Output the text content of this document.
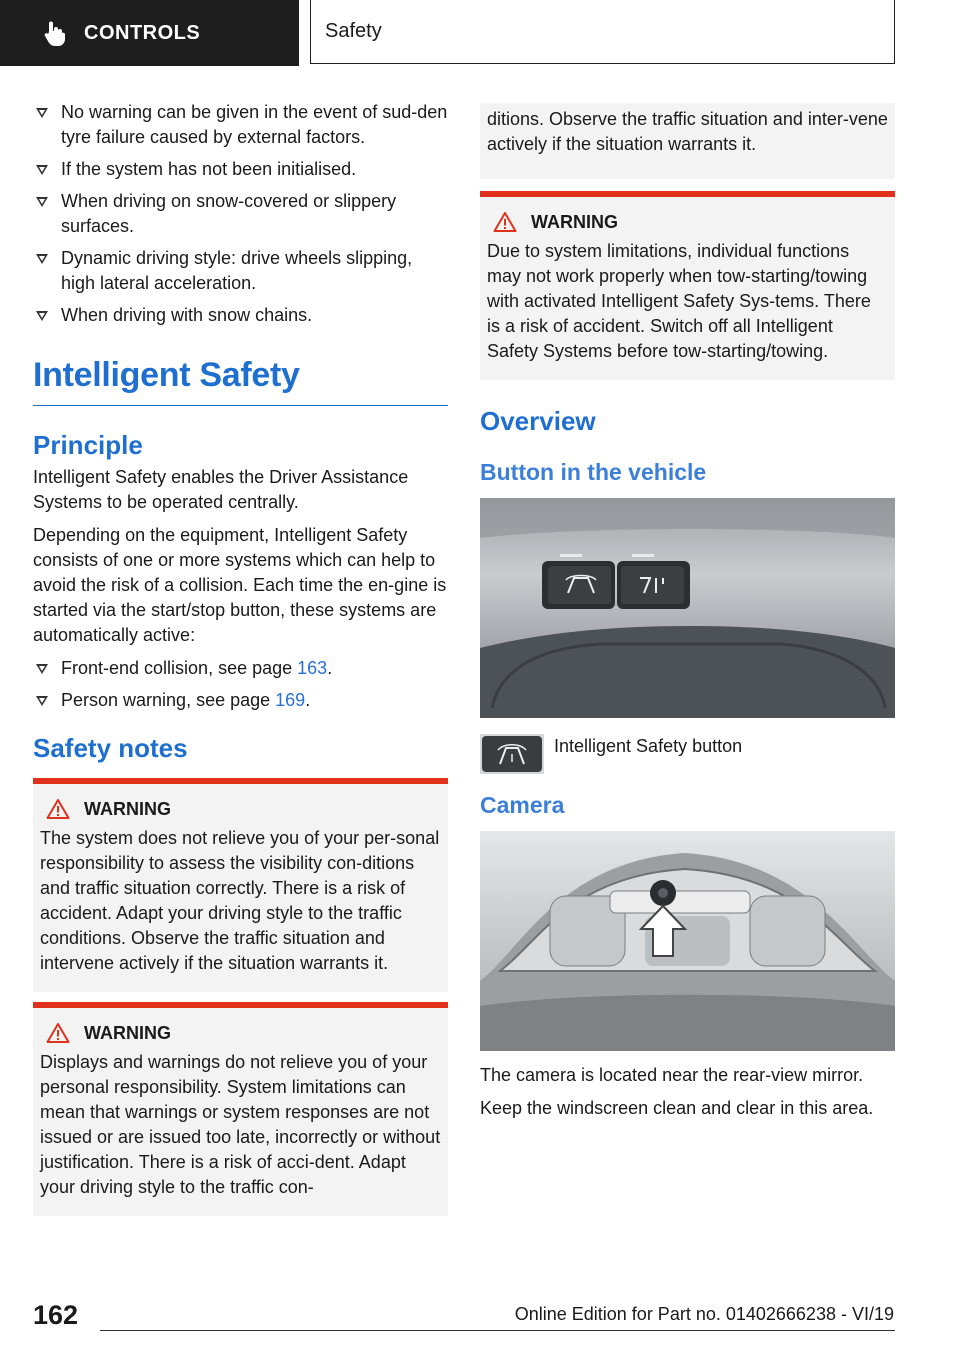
CONTROLS	Safety
No warning can be given in the event of sud-den tyre failure caused by external factors.
If the system has not been initialised.
When driving on snow-covered or slippery surfaces.
Dynamic driving style: drive wheels slipping, high lateral acceleration.
When driving with snow chains.
Intelligent Safety
Principle

Intelligent Safety enables the Driver Assistance Systems to be operated centrally.

Depending on the equipment, Intelligent Safety consists of one or more systems which can help to avoid the risk of a collision. Each time the en-gine is started via the start/stop button, these systems are automatically active:

Front-end collision, see page 163.
Person warning, see page 169.
Safety notes
WARNING

The system does not relieve you of your per-sonal responsibility to assess the visibility con-ditions and traffic situation correctly. There is a risk of accident. Adapt your driving style to the traffic conditions. Observe the traffic situation and intervene actively if the situation warrants it.

WARNING

Displays and warnings do not relieve you of your personal responsibility. System limitations can mean that warnings or system responses are not issued or are issued too late, incorrectly or without justification. There is a risk of acci-dent. Adapt your driving style to the traffic con-

ditions. Observe the traffic situation and inter-vene actively if the situation warrants it.

WARNING

Due to system limitations, individual functions may not work properly when tow-starting/towing with activated Intelligent Safety Sys-tems. There is a risk of accident. Switch off all Intelligent Safety Systems before tow-starting/towing.

Overview
Button in the vehicle
Intelligent Safety button
Camera

The camera is located near the rear-view mirror.

Keep the windscreen clean and clear in this area.

162	Online Edition for Part no. 01402666238 - VI/19
